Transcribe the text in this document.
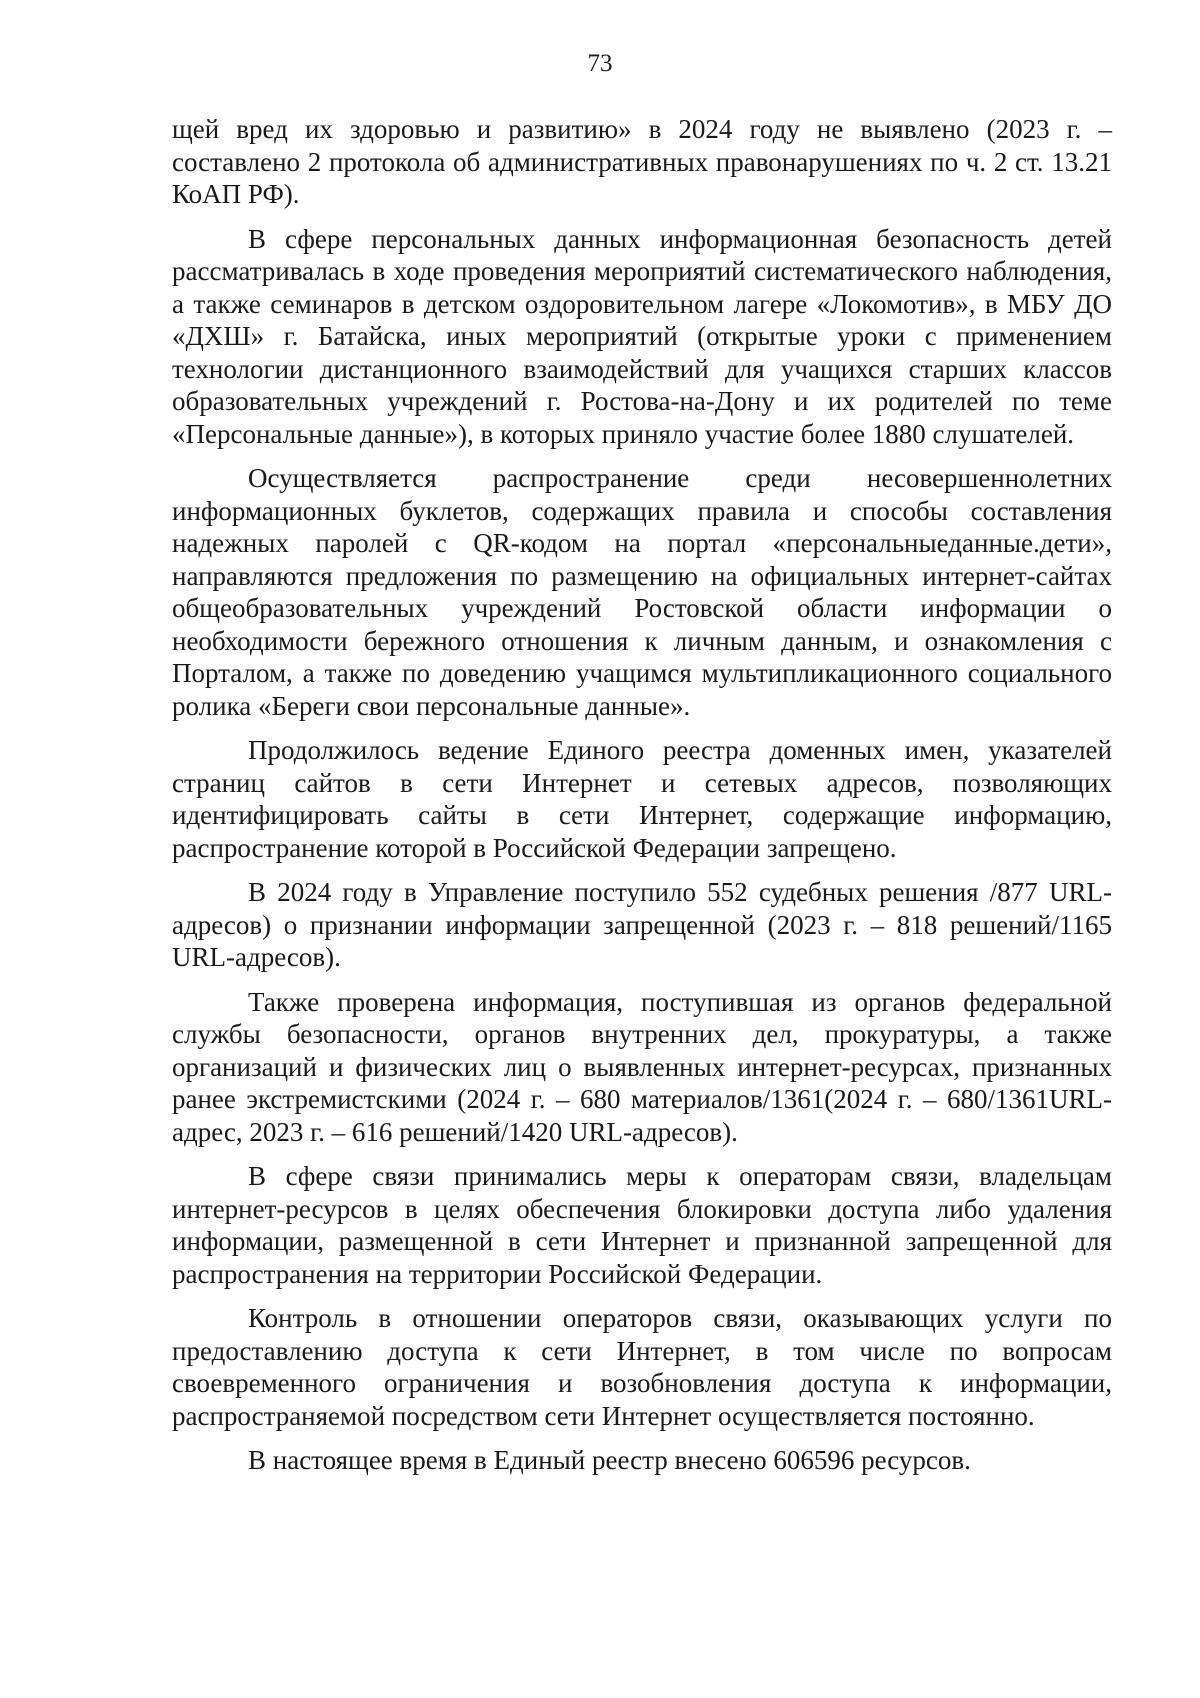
73

щей вред их здоровью и развитию» в 2024 году не выявлено (2023 г. – составлено 2 протокола об административных правонарушениях по ч. 2 ст. 13.21 КоАП РФ).

В сфере персональных данных информационная безопасность детей рассматривалась в ходе проведения мероприятий систематического наблюдения, а также семинаров в детском оздоровительном лагере «Локомотив», в МБУ ДО «ДХШ» г. Батайска, иных мероприятий (открытые уроки с применением технологии дистанционного взаимодействий для учащихся старших классов образовательных учреждений г. Ростова-на-Дону и их родителей по теме «Персональные данные»), в которых приняло участие более 1880 слушателей.

Осуществляется распространение среди несовершеннолетних информационных буклетов, содержащих правила и способы составления надежных паролей с QR-кодом на портал «персональныеданные.дети», направляются предложения по размещению на официальных интернет-сайтах общеобразовательных учреждений Ростовской области информации о необходимости бережного отношения к личным данным, и ознакомления с Порталом, а также по доведению учащимся мультипликационного социального ролика «Береги свои персональные данные».

Продолжилось ведение Единого реестра доменных имен, указателей страниц сайтов в сети Интернет и сетевых адресов, позволяющих идентифицировать сайты в сети Интернет, содержащие информацию, распространение которой в Российской Федерации запрещено.

В 2024 году в Управление поступило 552 судебных решения /877 URL-адресов) о признании информации запрещенной (2023 г. – 818 решений/1165 URL-адресов).

Также проверена информация, поступившая из органов федеральной службы безопасности, органов внутренних дел, прокуратуры, а также организаций и физических лиц о выявленных интернет-ресурсах, признанных ранее экстремистскими (2024 г. – 680 материалов/1361(2024 г. – 680/1361URL-адрес, 2023 г. – 616 решений/1420 URL-адресов).

В сфере связи принимались меры к операторам связи, владельцам интернет-ресурсов в целях обеспечения блокировки доступа либо удаления информации, размещенной в сети Интернет и признанной запрещенной для распространения на территории Российской Федерации.

Контроль в отношении операторов связи, оказывающих услуги по предоставлению доступа к сети Интернет, в том числе по вопросам своевременного ограничения и возобновления доступа к информации, распространяемой посредством сети Интернет осуществляется постоянно.

В настоящее время в Единый реестр внесено 606596 ресурсов.
